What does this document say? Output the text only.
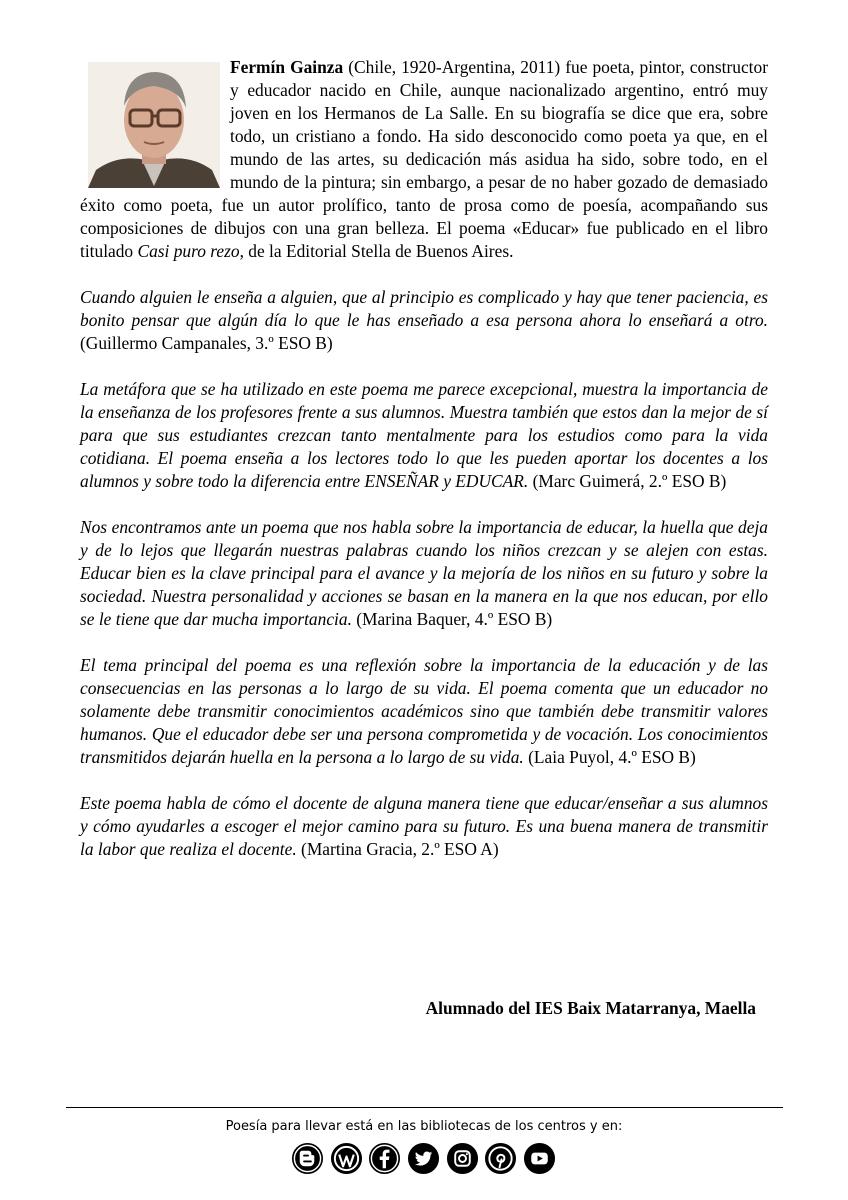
Fermín Gainza (Chile, 1920-Argentina, 2011) fue poeta, pintor, constructor y educador nacido en Chile, aunque nacionalizado argentino, entró muy joven en los Hermanos de La Salle. En su biografía se dice que era, sobre todo, un cristiano a fondo. Ha sido desconocido como poeta ya que, en el mundo de las artes, su dedicación más asidua ha sido, sobre todo, en el mundo de la pintura; sin embargo, a pesar de no haber gozado de demasiado éxito como poeta, fue un autor prolífico, tanto de prosa como de poesía, acompañando sus composiciones de dibujos con una gran belleza. El poema «Educar» fue publicado en el libro titulado Casi puro rezo, de la Editorial Stella de Buenos Aires.

Cuando alguien le enseña a alguien, que al principio es complicado y hay que tener paciencia, es bonito pensar que algún día lo que le has enseñado a esa persona ahora lo enseñará a otro. (Guillermo Campanales, 3.º ESO B)

La metáfora que se ha utilizado en este poema me parece excepcional, muestra la importancia de la enseñanza de los profesores frente a sus alumnos. Muestra también que estos dan la mejor de sí para que sus estudiantes crezcan tanto mentalmente para los estudios como para la vida cotidiana. El poema enseña a los lectores todo lo que les pueden aportar los docentes a los alumnos y sobre todo la diferencia entre ENSEÑAR y EDUCAR. (Marc Guimerá, 2.º ESO B)

Nos encontramos ante un poema que nos habla sobre la importancia de educar, la huella que deja y de lo lejos que llegarán nuestras palabras cuando los niños crezcan y se alejen con estas. Educar bien es la clave principal para el avance y la mejoría de los niños en su futuro y sobre la sociedad. Nuestra personalidad y acciones se basan en la manera en la que nos educan, por ello se le tiene que dar mucha importancia. (Marina Baquer, 4.º ESO B)

El tema principal del poema es una reflexión sobre la importancia de la educación y de las consecuencias en las personas a lo largo de su vida. El poema comenta que un educador no solamente debe transmitir conocimientos académicos sino que también debe transmitir valores humanos. Que el educador debe ser una persona comprometida y de vocación. Los conocimientos transmitidos dejarán huella en la persona a lo largo de su vida. (Laia Puyol, 4.º ESO B)

Este poema habla de cómo el docente de alguna manera tiene que educar/enseñar a sus alumnos y cómo ayudarles a escoger el mejor camino para su futuro. Es una buena manera de transmitir la labor que realiza el docente. (Martina Gracia, 2.º ESO A)

Alumnado del IES Baix Matarranya, Maella
Poesía para llevar está en las bibliotecas de los centros y en:
